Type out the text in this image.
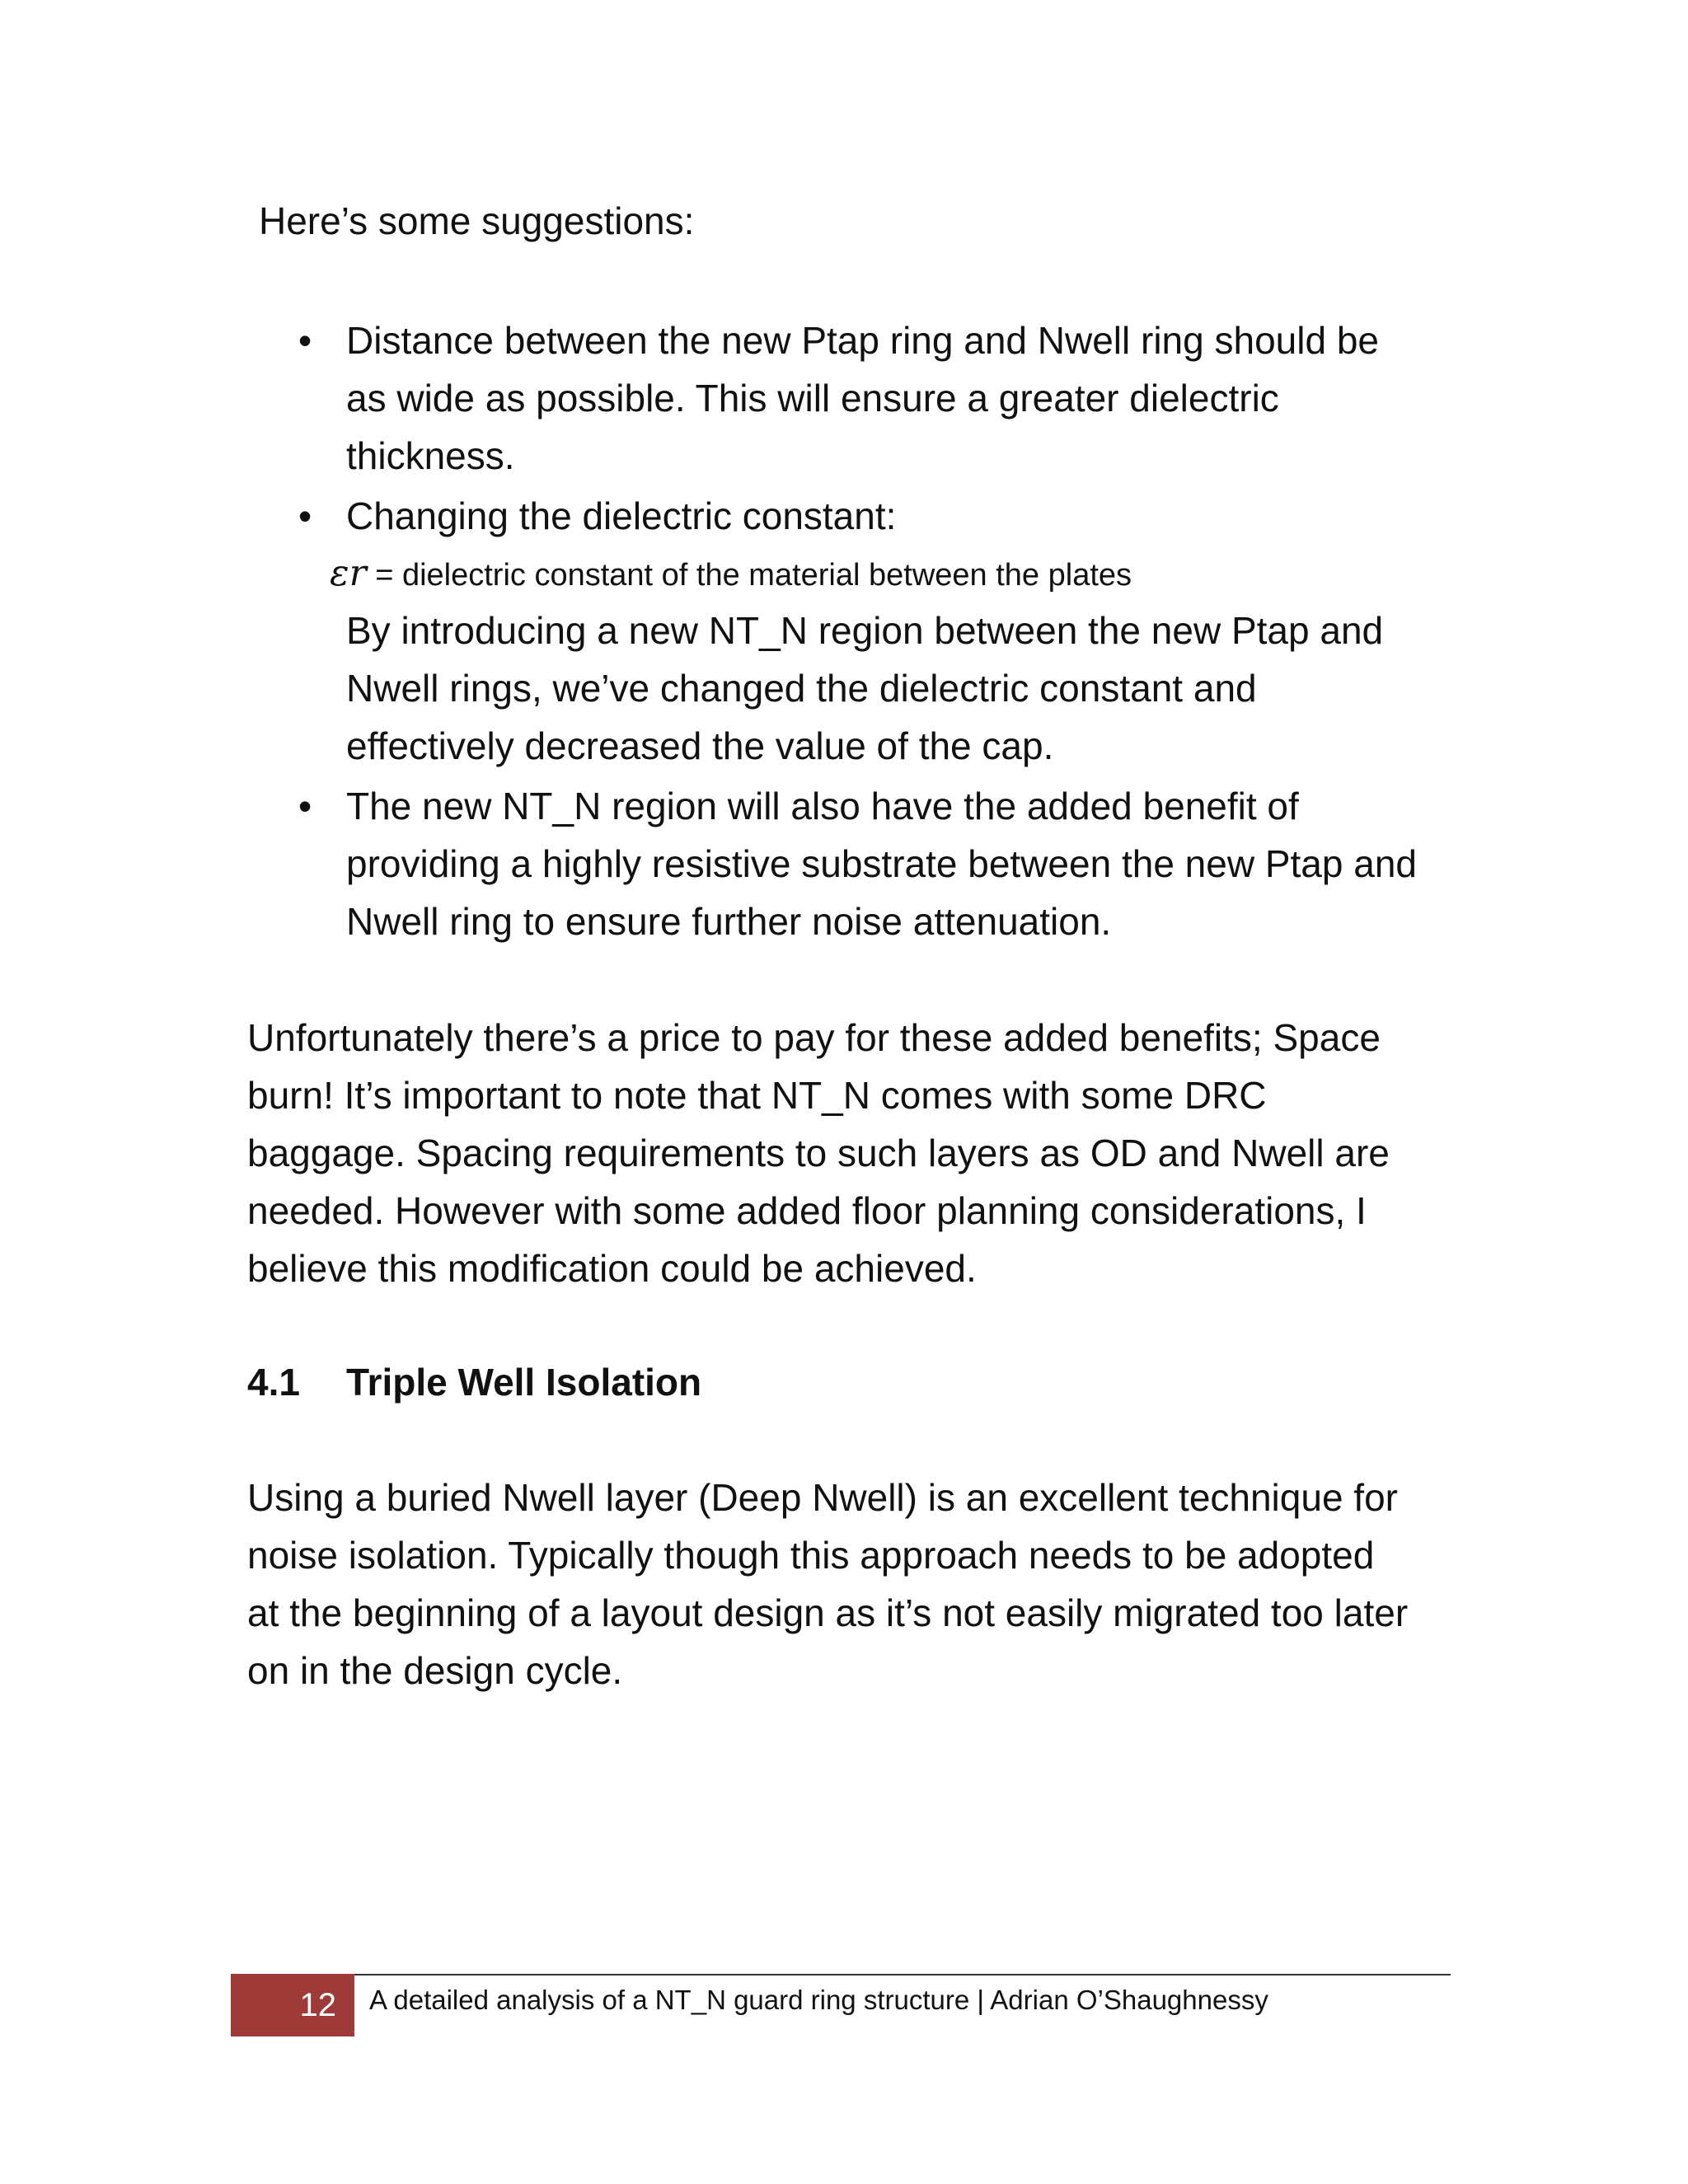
Here’s some suggestions:

• Distance between the new Ptap ring and Nwell ring should be
as wide as possible. This will ensure a greater dielectric
thickness.
• Changing the dielectric constant:
εr = dielectric constant of the material between the plates
By introducing a new NT_N region between the new Ptap and
Nwell rings, we’ve changed the dielectric constant and
effectively decreased the value of the cap.
• The new NT_N region will also have the added benefit of
providing a highly resistive substrate between the new Ptap and
Nwell ring to ensure further noise attenuation.
Unfortunately there’s a price to pay for these added benefits; Space
burn! It’s important to note that NT_N comes with some DRC
baggage. Spacing requirements to such layers as OD and Nwell are
needed. However with some added floor planning considerations, I
believe this modification could be achieved.
4.1 Triple Well Isolation
Using a buried Nwell layer (Deep Nwell) is an excellent technique for
noise isolation. Typically though this approach needs to be adopted
at the beginning of a layout design as it’s not easily migrated too later
on in the design cycle.
12	A detailed analysis of a NT_N guard ring structure | Adrian O’Shaughnessy
